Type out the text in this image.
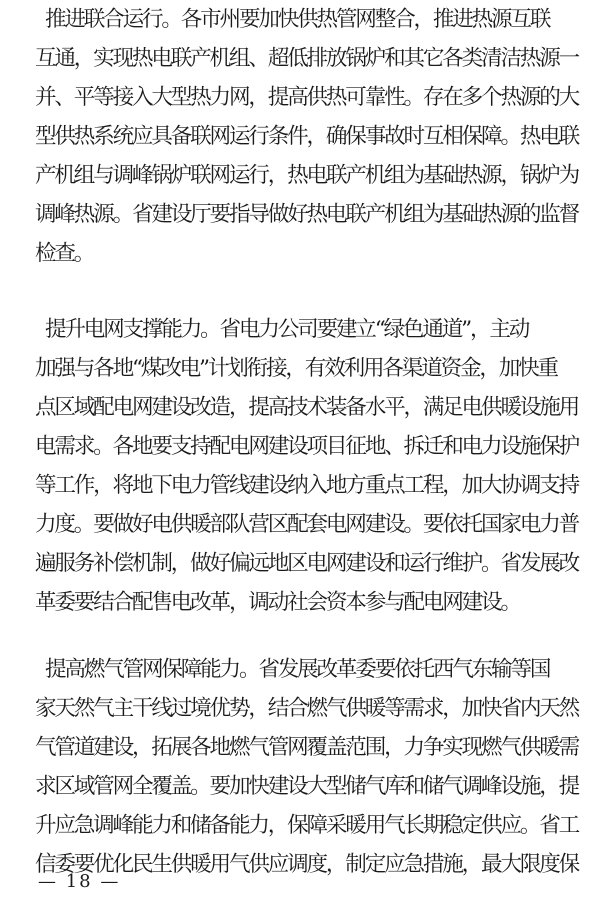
推进联合运行。各市州要加快供热管网整合，推进热源互联
互通，实现热电联产机组、超低排放锅炉和其它各类清洁热源一
并、平等接入大型热力网，提高供热可靠性。存在多个热源的大
型供热系统应具备联网运行条件，确保事故时互相保障。热电联
产机组与调峰锅炉联网运行，热电联产机组为基础热源，锅炉为
调峰热源。省建设厅要指导做好热电联产机组为基础热源的监督
检查。
提升电网支撑能力。省电力公司要建立“绿色通道”，主动
加强与各地“煤改电”计划衔接，有效利用各渠道资金，加快重
点区域配电网建设改造，提高技术装备水平，满足电供暖设施用
电需求。各地要支持配电网建设项目征地、拆迁和电力设施保护
等工作，将地下电力管线建设纳入地方重点工程，加大协调支持
力度。要做好电供暖部队营区配套电网建设。要依托国家电力普
遍服务补偿机制，做好偏远地区电网建设和运行维护。省发展改
革委要结合配售电改革，调动社会资本参与配电网建设。
提高燃气管网保障能力。省发展改革委要依托西气东输等国
家天然气主干线过境优势，结合燃气供暖等需求，加快省内天然
气管道建设，拓展各地燃气管网覆盖范围，力争实现燃气供暖需
求区域管网全覆盖。要加快建设大型储气库和储气调峰设施，提
升应急调峰能力和储备能力，保障采暖用气长期稳定供应。省工
信委要优化民生供暖用气供应调度，制定应急措施，最大限度保
— 18 —
